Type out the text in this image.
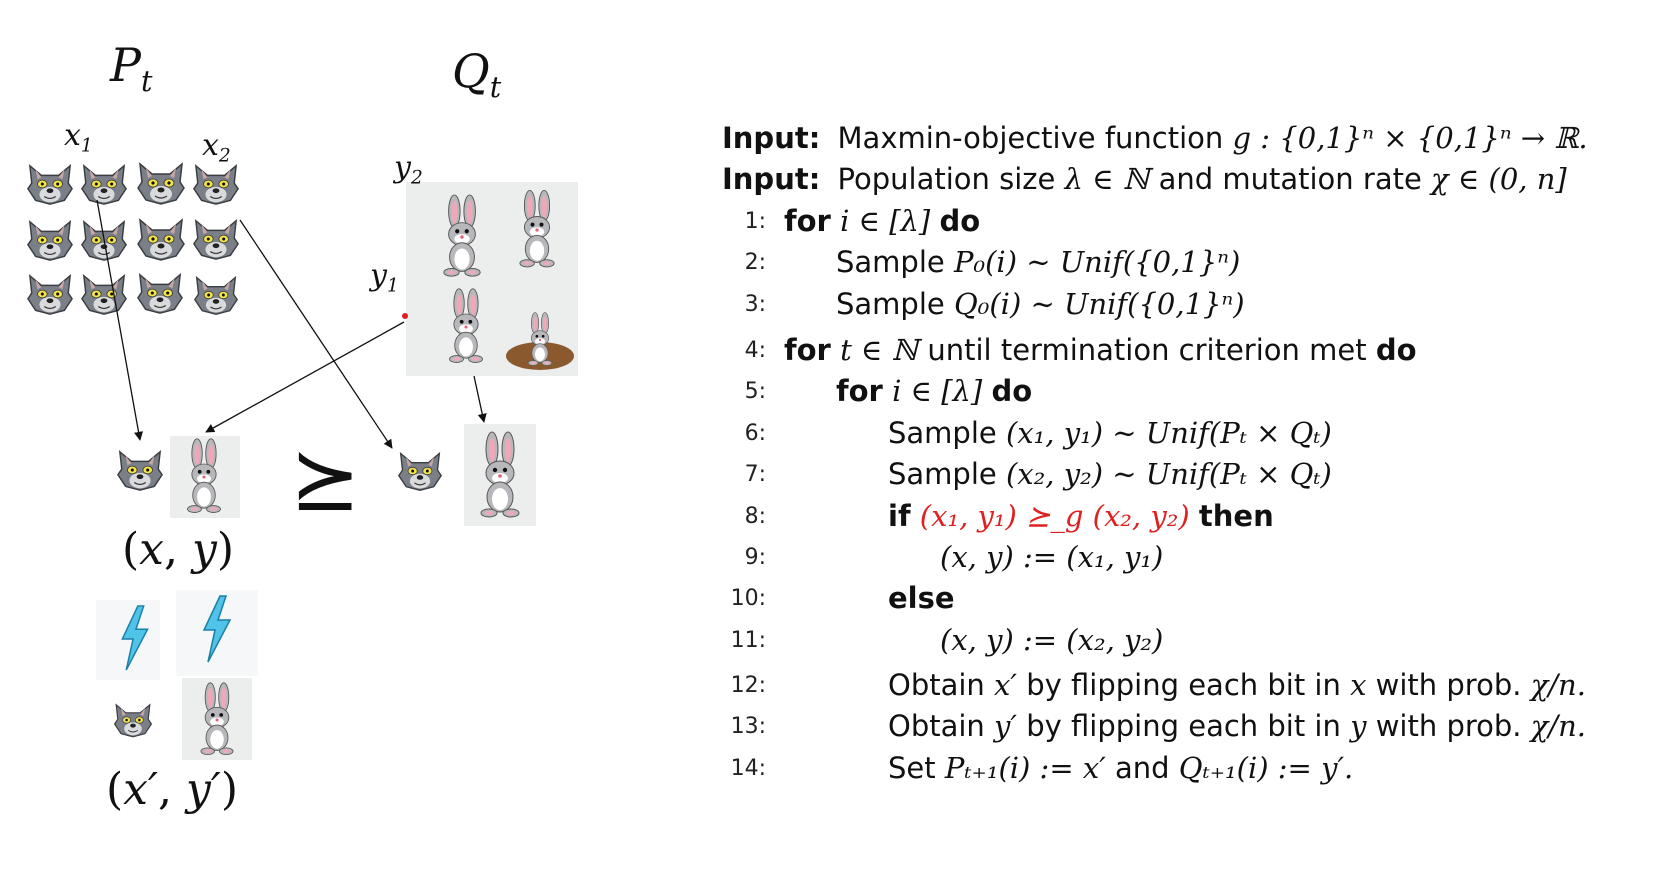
$P_t$	$Q_t$
$x_1$	$x_2$	$y_2$
$y_1$
(x, y)
(x′, y′)
⪰
Input: Maxmin-objective function g : {0,1}ⁿ × {0,1}ⁿ → ℝ.
Input: Population size λ ∈ ℕ and mutation rate χ ∈ (0, n]
1: for i ∈ [λ] do
2: Sample P₀(i) ∼ Unif({0,1}ⁿ)
3: Sample Q₀(i) ∼ Unif({0,1}ⁿ)
4: for t ∈ ℕ until termination criterion met do
5: for i ∈ [λ] do
6:	Sample (x₁, y₁) ∼ Unif(Pₜ × Qₜ)
7:	Sample (x₂, y₂) ∼ Unif(Pₜ × Qₜ)
8:	if (x₁, y₁) ⪰_g (x₂, y₂) then
9:	(x, y) := (x₁, y₁)
10:	else
11:	(x, y) := (x₂, y₂)
12:	Obtain x′ by flipping each bit in x with prob. χ/n.
13:	Obtain y′ by flipping each bit in y with prob. χ/n.
14:	Set Pₜ₊₁(i) := x′ and Qₜ₊₁(i) := y′.
